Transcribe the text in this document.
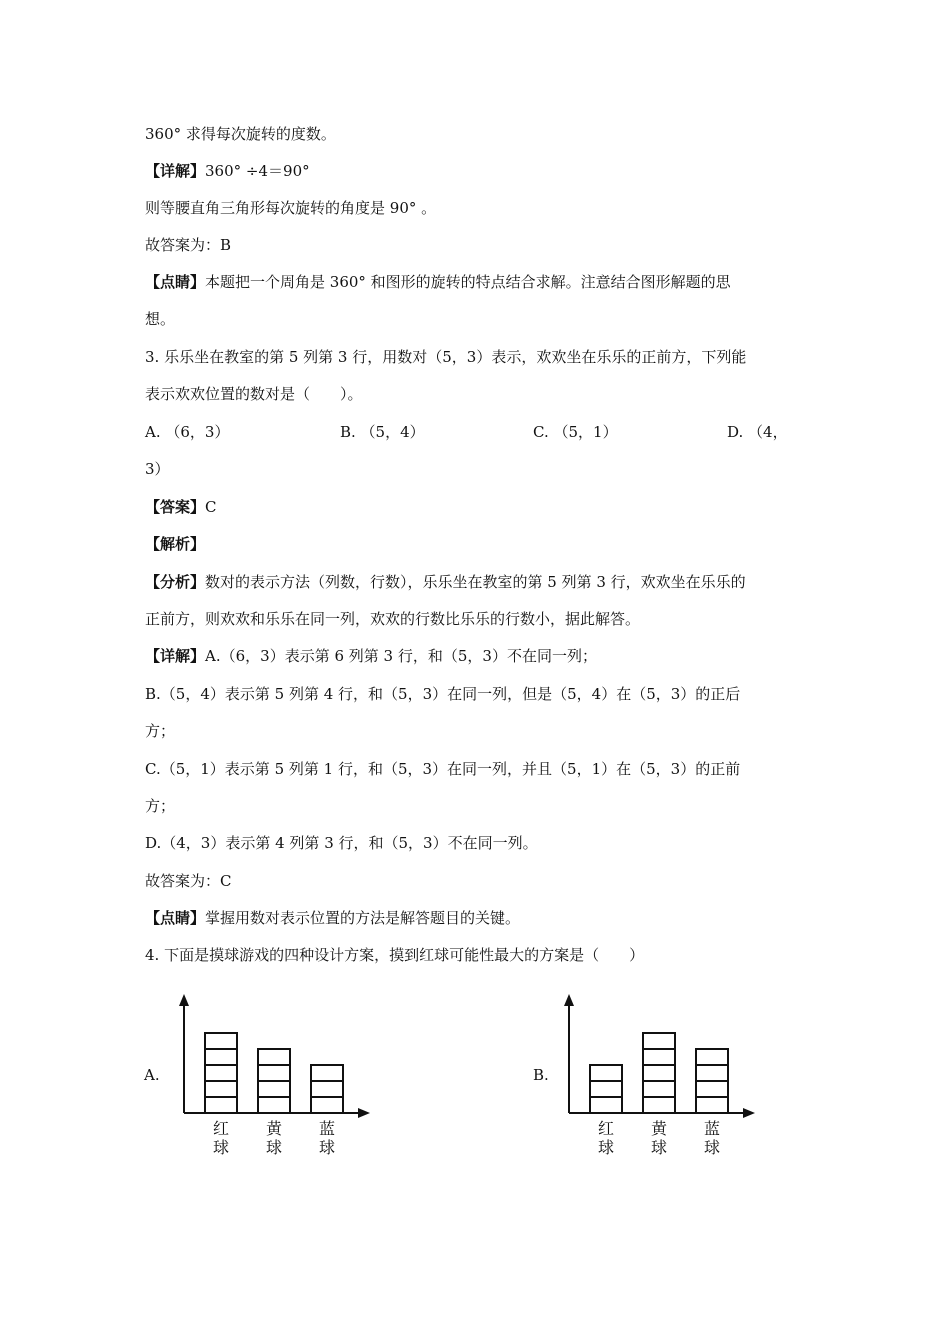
360° 求得每次旋转的度数。
【详解】360° ÷4＝90°
则等腰直角三角形每次旋转的角度是 90° 。
故答案为：B
【点睛】本题把一个周角是 360° 和图形的旋转的特点结合求解。注意结合图形解题的思
想。
3. 乐乐坐在教室的第 5 列第 3 行，用数对（5，3）表示，欢欢坐在乐乐的正前方，下列能
表示欢欢位置的数对是（　　）。
A. （6，3）	B. （5，4）	C. （5，1）	D. （4，
3）
【答案】C
【解析】
【分析】数对的表示方法（列数，行数），乐乐坐在教室的第 5 列第 3 行，欢欢坐在乐乐的
正前方，则欢欢和乐乐在同一列，欢欢的行数比乐乐的行数小，据此解答。
【详解】A.（6，3）表示第 6 列第 3 行，和（5，3）不在同一列；
B.（5，4）表示第 5 列第 4 行，和（5，3）在同一列，但是（5，4）在（5，3）的正后
方；
C.（5，1）表示第 5 列第 1 行，和（5，3）在同一列，并且（5，1）在（5，3）的正前
方；
D.（4，3）表示第 4 列第 3 行，和（5，3）不在同一列。
故答案为：C
【点睛】掌握用数对表示位置的方法是解答题目的关键。
4. 下面是摸球游戏的四种设计方案，摸到红球可能性最大的方案是（　　）
A.
红
球
黄
球
蓝
球
B.
红
球
黄
球
蓝
球
